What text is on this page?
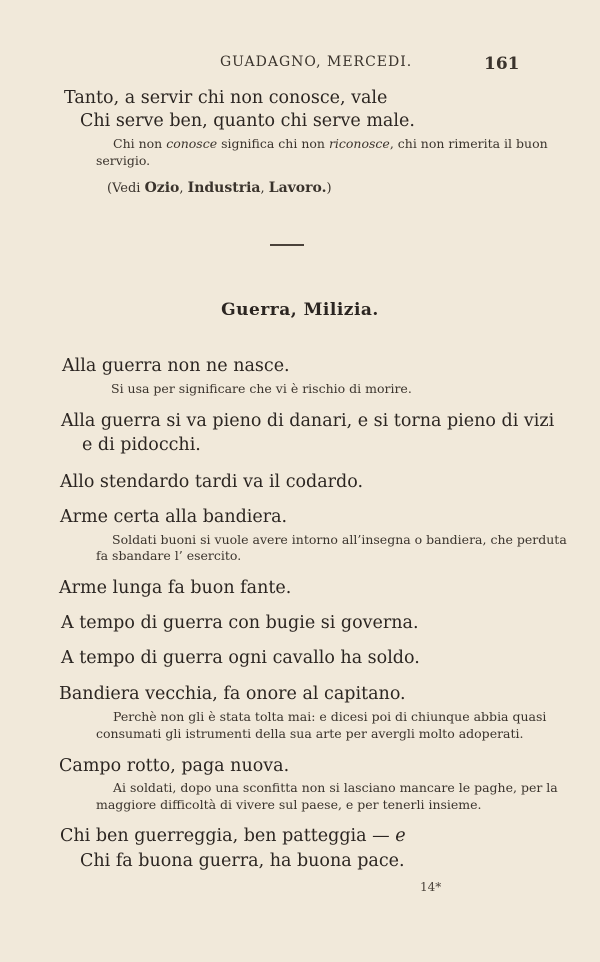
GUADAGNO, MERCEDI.	161
Tanto, a servir chi non conosce, vale
Chi serve ben, quanto chi serve male.
Chi non conosce significa chi non riconosce, chi non rimerita il buon
servigio.
(Vedi Ozio, Industria, Lavoro.)
Guerra, Milizia.
Alla guerra non ne nasce.
Si usa per significare che vi è rischio di morire.
Alla guerra si va pieno di danari, e si torna pieno di vizi
e di pidocchi.
Allo stendardo tardi va il codardo.
Arme certa alla bandiera.
Soldati buoni si vuole avere intorno all’insegna o bandiera, che perduta
fa sbandare l’ esercito.
Arme lunga fa buon fante.
A tempo di guerra con bugie si governa.
A tempo di guerra ogni cavallo ha soldo.
Bandiera vecchia, fa onore al capitano.
Perchè non gli è stata tolta mai: e dicesi poi di chiunque abbia quasi
consumati gli istrumenti della sua arte per avergli molto adoperati.
Campo rotto, paga nuova.
Ai soldati, dopo una sconfitta non si lasciano mancare le paghe, per la
maggiore difficoltà di vivere sul paese, e per tenerli insieme.
Chi ben guerreggia, ben patteggia — e
Chi fa buona guerra, ha buona pace.
14*
